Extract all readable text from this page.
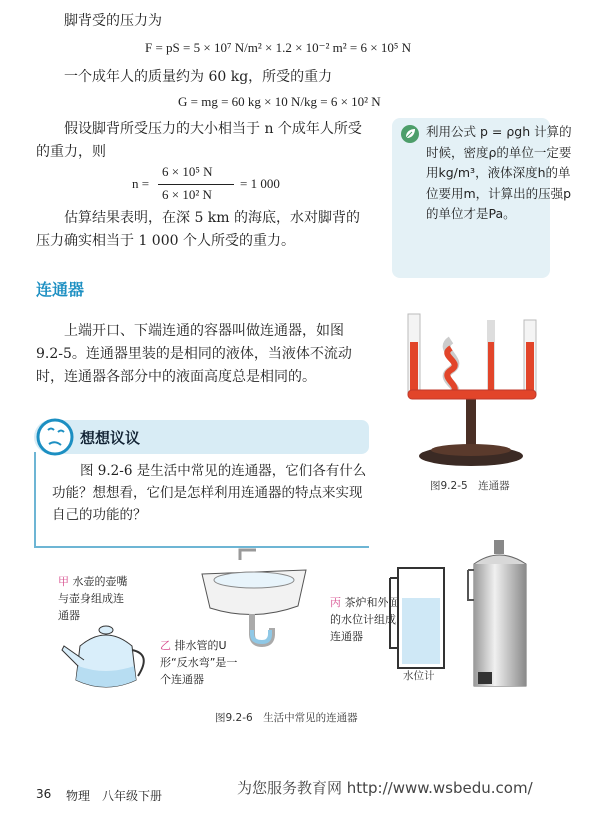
脚背受的压力为
F = pS = 5 × 10⁷ N/m² × 1.2 × 10⁻² m² = 6 × 10⁵ N
一个成年人的质量约为 60 kg，所受的重力
G = mg = 60 kg × 10 N/kg = 6 × 10² N
假设脚背所受压力的大小相当于 n 个成年人所受的重力，则
n =
6 × 10⁵ N
6 × 10² N
= 1 000
估算结果表明，在深 5 km 的海底，水对脚背的压力确实相当于 1 000 个人所受的重力。
利用公式 p = ρgh 计算的时候，密度ρ的单位一定要用kg/m³，液体深度h的单位要用m，计算出的压强p的单位才是Pa。
连通器
上端开口、下端连通的容器叫做连通器，如图 9.2-5。连通器里装的是相同的液体，当液体不流动时，连通器各部分中的液面高度总是相同的。
图9.2-5　连通器
想想议议
图 9.2-6 是生活中常见的连通器，它们各有什么功能？想想看，它们是怎样利用连通器的特点来实现自己的功能的？
甲 水壶的壶嘴与壶身组成连通器
乙 排水管的U形“反水弯”是一个连通器
丙 茶炉和外面的水位计组成连通器
水位计
图9.2-6　生活中常见的连通器
36 物理　八年级下册	为您服务教育网 http://www.wsbedu.com/
